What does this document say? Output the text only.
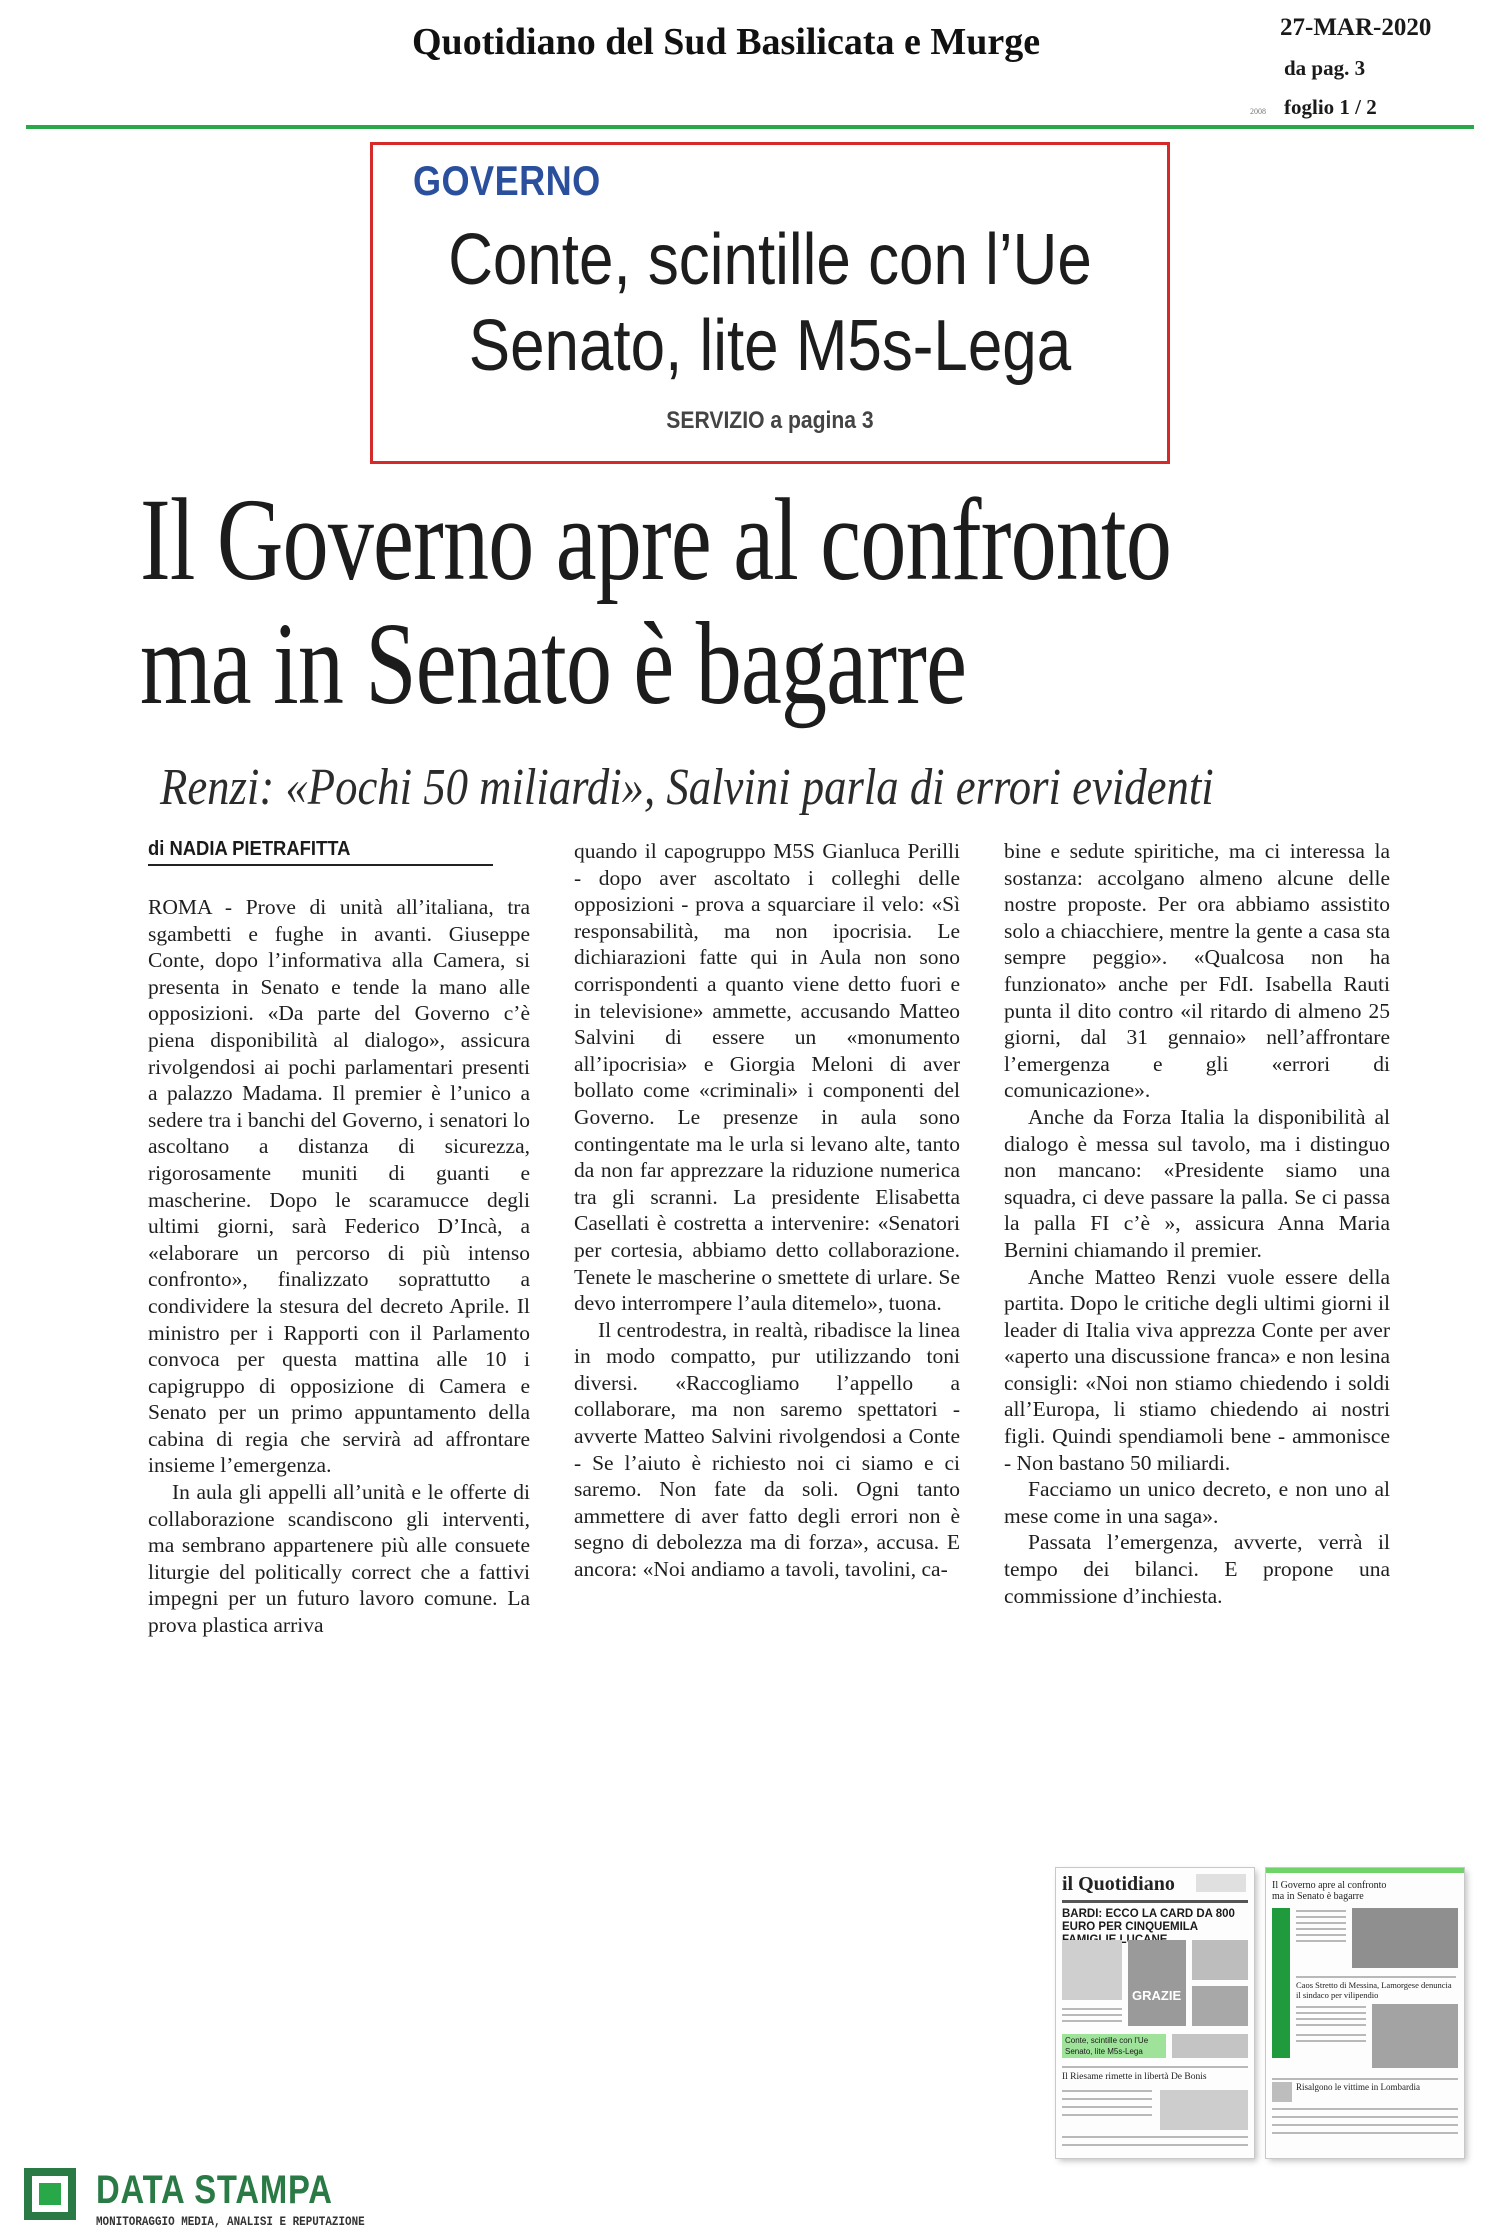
Quotidiano del Sud Basilicata e Murge	27-MAR-2020
da pag. 3
2008 foglio 1 / 2
GOVERNO
Conte, scintille con l’Ue
Senato, lite M5s-Lega
SERVIZIO a pagina 3
Il Governo apre al confronto
ma in Senato è bagarre
Renzi: «Pochi 50 miliardi», Salvini parla di errori evidenti
di NADIA PIETRAFITTA

ROMA - Prove di unità all’italiana, tra sgambetti e fughe in avanti. Giuseppe Conte, dopo l’informativa alla Camera, si presenta in Senato e tende la mano alle opposizioni. «Da parte del Governo c’è piena disponibilità al dialogo», assicura rivolgendosi ai pochi parlamentari presenti a palazzo Madama. Il premier è l’unico a sedere tra i banchi del Governo, i senatori lo ascoltano a distanza di sicurezza, rigorosamente muniti di guanti e mascherine. Dopo le scaramucce degli ultimi giorni, sarà Federico D’Incà, a «elaborare un percorso di più intenso confronto», finalizzato soprattutto a condividere la stesura del decreto Aprile. Il ministro per i Rapporti con il Parlamento convoca per questa mattina alle 10 i capigruppo di opposizione di Camera e Senato per un primo appuntamento della cabina di regia che servirà ad affrontare insieme l’emergenza.

In aula gli appelli all’unità e le offerte di collaborazione scandiscono gli interventi, ma sembrano appartenere più alle consuete liturgie del politically correct che a fattivi impegni per un futuro lavoro comune. La prova plastica arriva

quando il capogruppo M5S Gianluca Perilli - dopo aver ascoltato i colleghi delle opposizioni - prova a squarciare il velo: «Sì responsabilità, ma non ipocrisia. Le dichiarazioni fatte qui in Aula non sono corrispondenti a quanto viene detto fuori e in televisione» ammette, accusando Matteo Salvini di essere un «monumento all’ipocrisia» e Giorgia Meloni di aver bollato come «criminali» i componenti del Governo. Le presenze in aula sono contingentate ma le urla si levano alte, tanto da non far apprezzare la riduzione numerica tra gli scranni. La presidente Elisabetta Casellati è costretta a intervenire: «Senatori per cortesia, abbiamo detto collaborazione. Tenete le mascherine o smettete di urlare. Se devo interrompere l’aula ditemelo», tuona.

Il centrodestra, in realtà, ribadisce la linea in modo compatto, pur utilizzando toni diversi. «Raccogliamo l’appello a collaborare, ma non saremo spettatori - avverte Matteo Salvini rivolgendosi a Conte - Se l’aiuto è richiesto noi ci siamo e ci saremo. Non fate da soli. Ogni tanto ammettere di aver fatto degli errori non è segno di debolezza ma di forza», accusa. E ancora: «Noi andiamo a tavoli, tavolini, ca-

bine e sedute spiritiche, ma ci interessa la sostanza: accolgano almeno alcune delle nostre proposte. Per ora abbiamo assistito solo a chiacchiere, mentre la gente a casa sta sempre peggio». «Qualcosa non ha funzionato» anche per FdI. Isabella Rauti punta il dito contro «il ritardo di almeno 25 giorni, dal 31 gennaio» nell’affrontare l’emergenza e gli «errori di comunicazione».

Anche da Forza Italia la disponibilità al dialogo è messa sul tavolo, ma i distinguo non mancano: «Presidente siamo una squadra, ci deve passare la palla. Se ci passa la palla FI c’è », assicura Anna Maria Bernini chiamando il premier.

Anche Matteo Renzi vuole essere della partita. Dopo le critiche degli ultimi giorni il leader di Italia viva apprezza Conte per aver «aperto una discussione franca» e non lesina consigli: «Noi non stiamo chiedendo i soldi all’Europa, li stiamo chiedendo ai nostri figli. Quindi spendiamoli bene - ammonisce - Non bastano 50 miliardi.

Facciamo un unico decreto, e non uno al mese come in una saga».

Passata l’emergenza, avverte, verrà il tempo dei bilanci. E propone una commissione d’inchiesta.

il Quotidiano
BARDI: ECCO LA CARD DA 800 EURO PER CINQUEMILA
GRAZIE
Conte, scintille con l’Ue Senato, lite M5s-Lega
Il Riesame rimette in libertà De Bonis
Il Governo apre al confronto ma in Senato è bagarre
Caos Stretto di Messina, Lamorgese denuncia il sindaco per vilipendio
Risalgono le vittime in Lombardia
DATA STAMPA
MONITORAGGIO MEDIA, ANALISI E REPUTAZIONE
